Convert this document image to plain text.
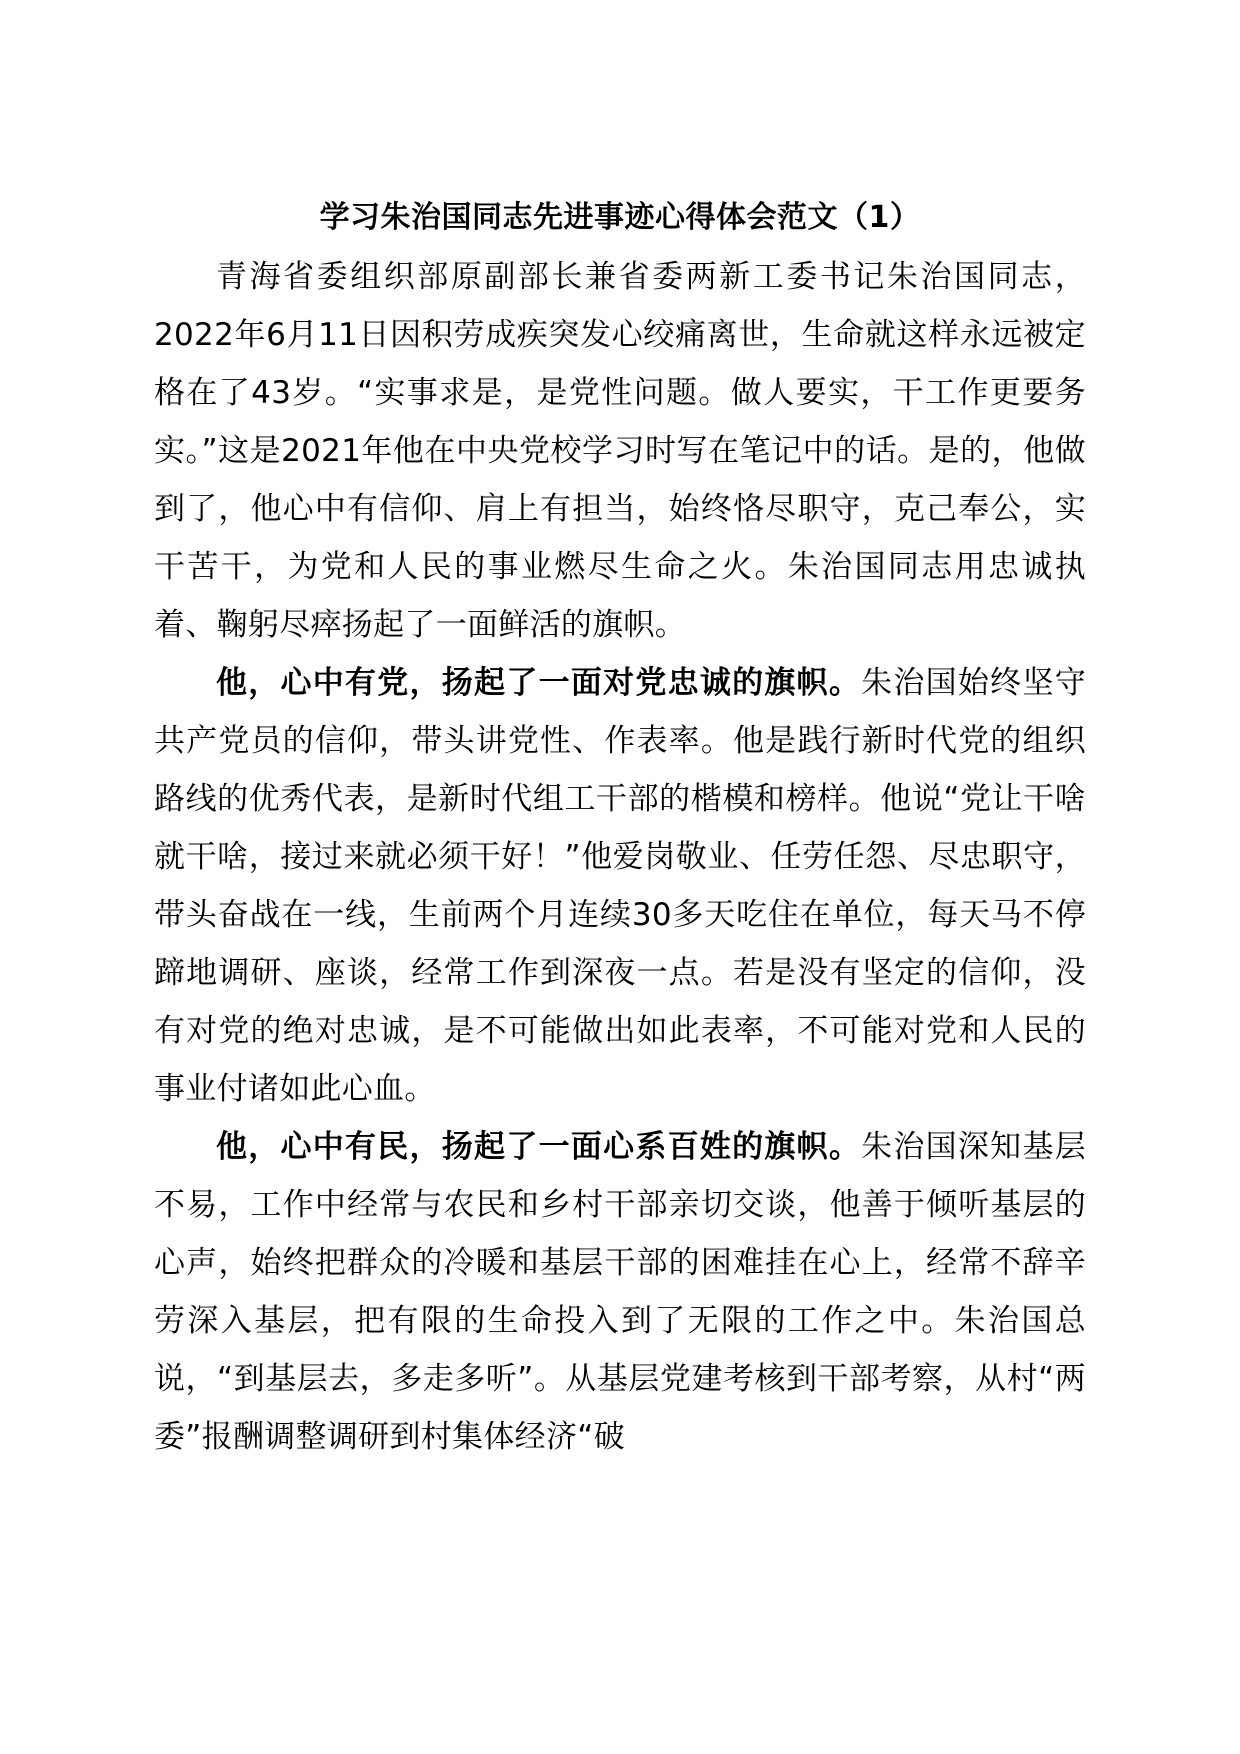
学习朱治国同志先进事迹心得体会范文（1）

青海省委组织部原副部长兼省委两新工委书记朱治国同志，2022年6月11日因积劳成疾突发心绞痛离世，生命就这样永远被定格在了43岁。“实事求是，是党性问题。做人要实，干工作更要务实。”这是2021年他在中央党校学习时写在笔记中的话。是的，他做到了，他心中有信仰、肩上有担当，始终恪尽职守，克己奉公，实干苦干，为党和人民的事业燃尽生命之火。朱治国同志用忠诚执着、鞠躬尽瘁扬起了一面鲜活的旗帜。

他，心中有党，扬起了一面对党忠诚的旗帜。朱治国始终坚守共产党员的信仰，带头讲党性、作表率。他是践行新时代党的组织路线的优秀代表，是新时代组工干部的楷模和榜样。他说“党让干啥就干啥，接过来就必须干好！”他爱岗敬业、任劳任怨、尽忠职守，带头奋战在一线，生前两个月连续30多天吃住在单位，每天马不停蹄地调研、座谈，经常工作到深夜一点。若是没有坚定的信仰，没有对党的绝对忠诚，是不可能做出如此表率，不可能对党和人民的事业付诸如此心血。

他，心中有民，扬起了一面心系百姓的旗帜。朱治国深知基层不易，工作中经常与农民和乡村干部亲切交谈，他善于倾听基层的心声，始终把群众的冷暖和基层干部的困难挂在心上，经常不辞辛劳深入基层，把有限的生命投入到了无限的工作之中。朱治国总说，“到基层去，多走多听”。从基层党建考核到干部考察，从村“两委”报酬调整调研到村集体经济“破
